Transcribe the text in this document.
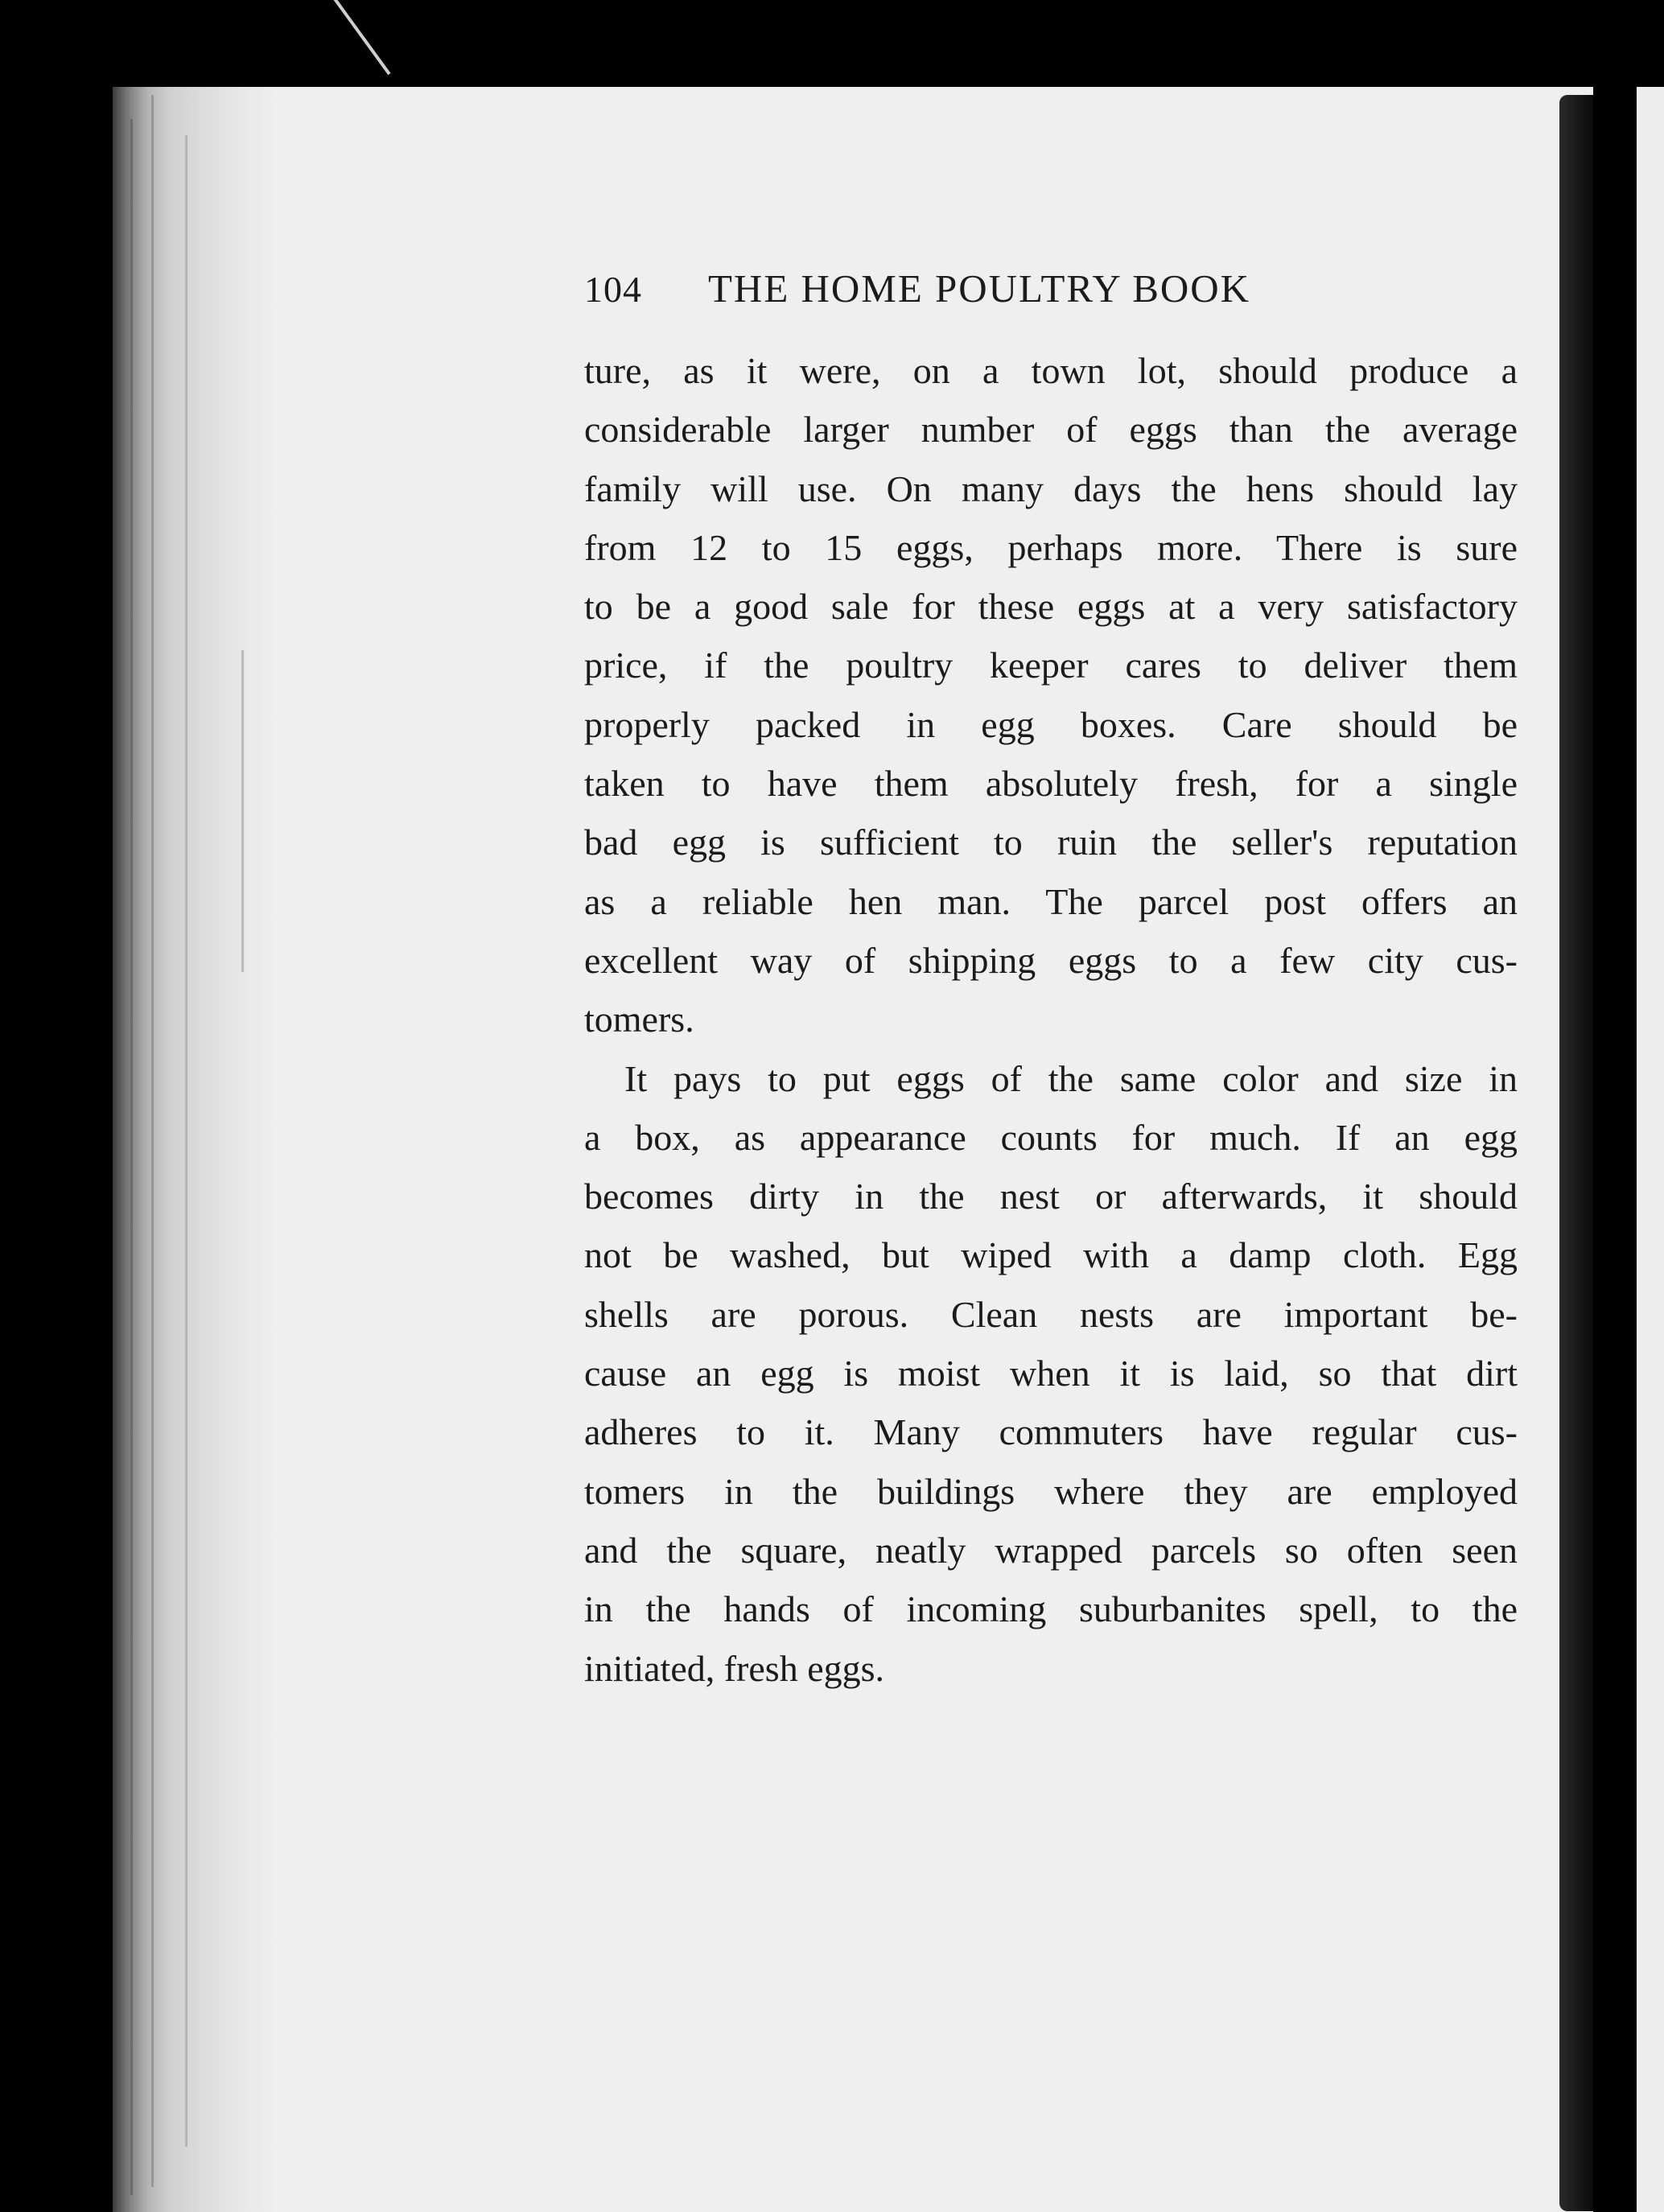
104	THE HOME POULTRY BOOK
ture, as it were, on a town lot, should produce a
considerable larger number of eggs than the average
family will use. On many days the hens should lay
from 12 to 15 eggs, perhaps more. There is sure
to be a good sale for these eggs at a very satisfactory
price, if the poultry keeper cares to deliver them
properly packed in egg boxes. Care should be
taken to have them absolutely fresh, for a single
bad egg is sufficient to ruin the seller's reputation
as a reliable hen man. The parcel post offers an
excellent way of shipping eggs to a few city cus-
tomers.
It pays to put eggs of the same color and size in
a box, as appearance counts for much. If an egg
becomes dirty in the nest or afterwards, it should
not be washed, but wiped with a damp cloth. Egg
shells are porous. Clean nests are important be-
cause an egg is moist when it is laid, so that dirt
adheres to it. Many commuters have regular cus-
tomers in the buildings where they are employed
and the square, neatly wrapped parcels so often seen
in the hands of incoming suburbanites spell, to the
initiated, fresh eggs.
